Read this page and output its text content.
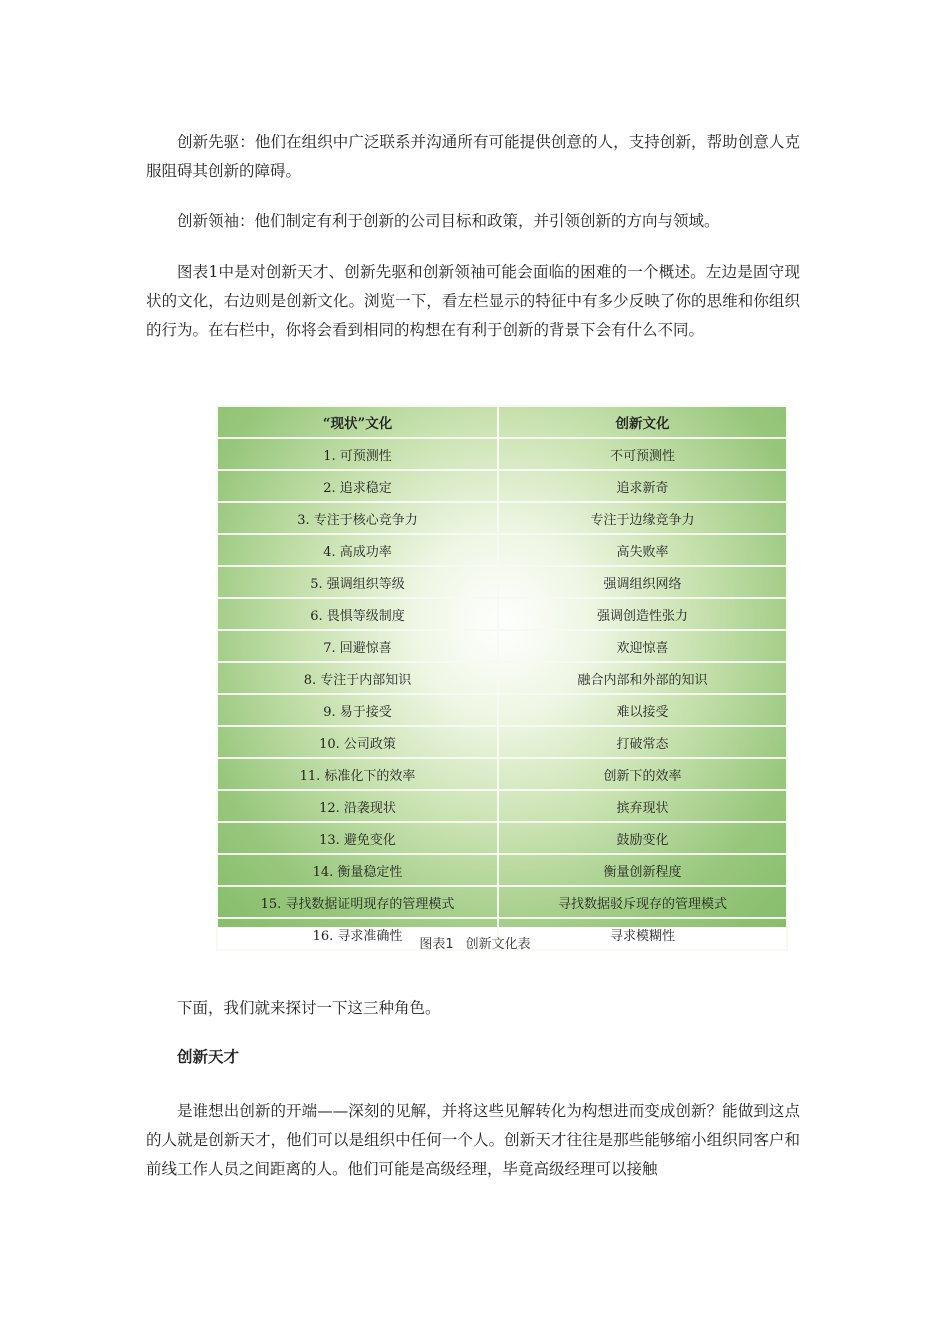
创新先驱：他们在组织中广泛联系并沟通所有可能提供创意的人，支持创新，帮助创意人克服阻碍其创新的障碍。

创新领袖：他们制定有利于创新的公司目标和政策，并引领创新的方向与领域。

图表1中是对创新天才、创新先驱和创新领袖可能会面临的困难的一个概述。左边是固守现状的文化，右边则是创新文化。浏览一下，看左栏显示的特征中有多少反映了你的思维和你组织的行为。在右栏中，你将会看到相同的构想在有利于创新的背景下会有什么不同。

“现状”文化	创新文化
1. 可预测性	不可预测性
2. 追求稳定	追求新奇
3. 专注于核心竞争力	专注于边缘竞争力
4. 高成功率	高失败率
5. 强调组织等级	强调组织网络
6. 畏惧等级制度	强调创造性张力
7. 回避惊喜	欢迎惊喜
8. 专注于内部知识	融合内部和外部的知识
9. 易于接受	难以接受
10. 公司政策	打破常态
11. 标准化下的效率	创新下的效率
12. 沿袭现状	摈弃现状
13. 避免变化	鼓励变化
14. 衡量稳定性	衡量创新程度
15. 寻找数据证明现存的管理模式	寻找数据驳斥现存的管理模式
16. 寻求准确性	寻求模糊性
图表1 创新文化表

下面，我们就来探讨一下这三种角色。

创新天才

是谁想出创新的开端——深刻的见解，并将这些见解转化为构想进而变成创新？能做到这点的人就是创新天才，他们可以是组织中任何一个人。创新天才往往是那些能够缩小组织同客户和前线工作人员之间距离的人。他们可能是高级经理，毕竟高级经理可以接触
